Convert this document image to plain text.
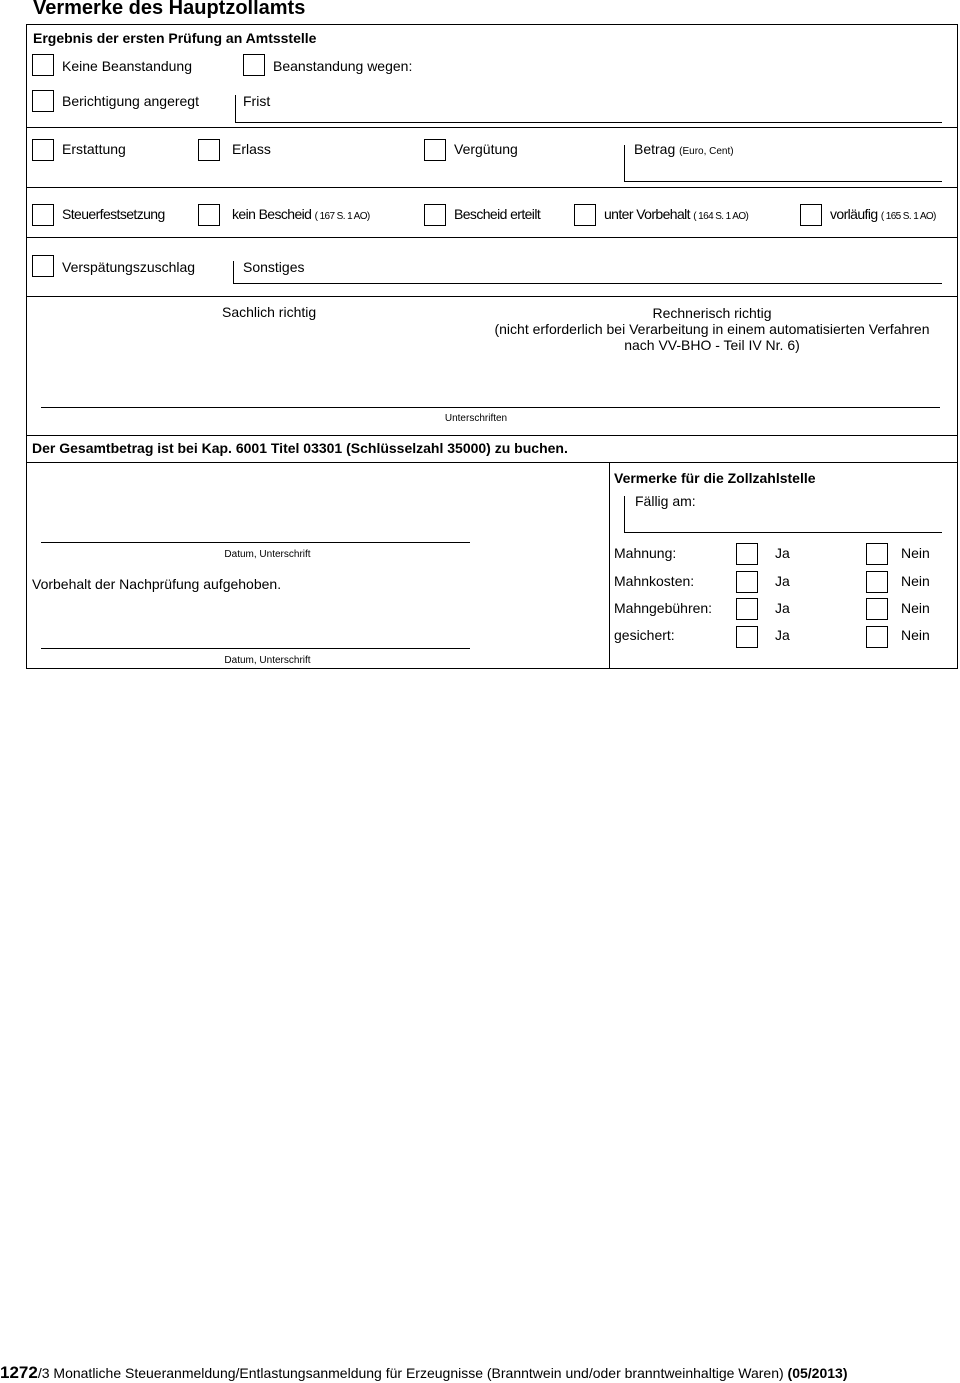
Vermerke des Hauptzollamts
Ergebnis der ersten Prüfung an Amtsstelle
Keine Beanstandung	Beanstandung wegen:
Berichtigung angeregt	Frist
Erstattung	Erlass	Vergütung	Betrag (Euro, Cent)
Steuerfestsetzung	kein Bescheid ( 167 S. 1 AO)	Bescheid erteilt	unter Vorbehalt ( 164 S. 1 AO)	vorläufig ( 165 S. 1 AO)
Verspätungszuschlag	Sonstiges
Sachlich richtig	Rechnerisch richtig
(nicht erforderlich bei Verarbeitung in einem automatisierten Verfahren
nach VV-BHO - Teil IV Nr. 6)
Unterschriften
Der Gesamtbetrag ist bei Kap. 6001 Titel 03301 (Schlüsselzahl 35000) zu buchen.
Datum, Unterschrift
Vorbehalt der Nachprüfung aufgehoben.
Datum, Unterschrift
Vermerke für die Zollzahlstelle
Fällig am:
Mahnung:	Ja	Nein
Mahnkosten:	Ja	Nein
Mahngebühren:	Ja	Nein
gesichert:	Ja	Nein
1272/3 Monatliche Steueranmeldung/Entlastungsanmeldung für Erzeugnisse (Branntwein und/oder branntweinhaltige Waren) (05/2013)
